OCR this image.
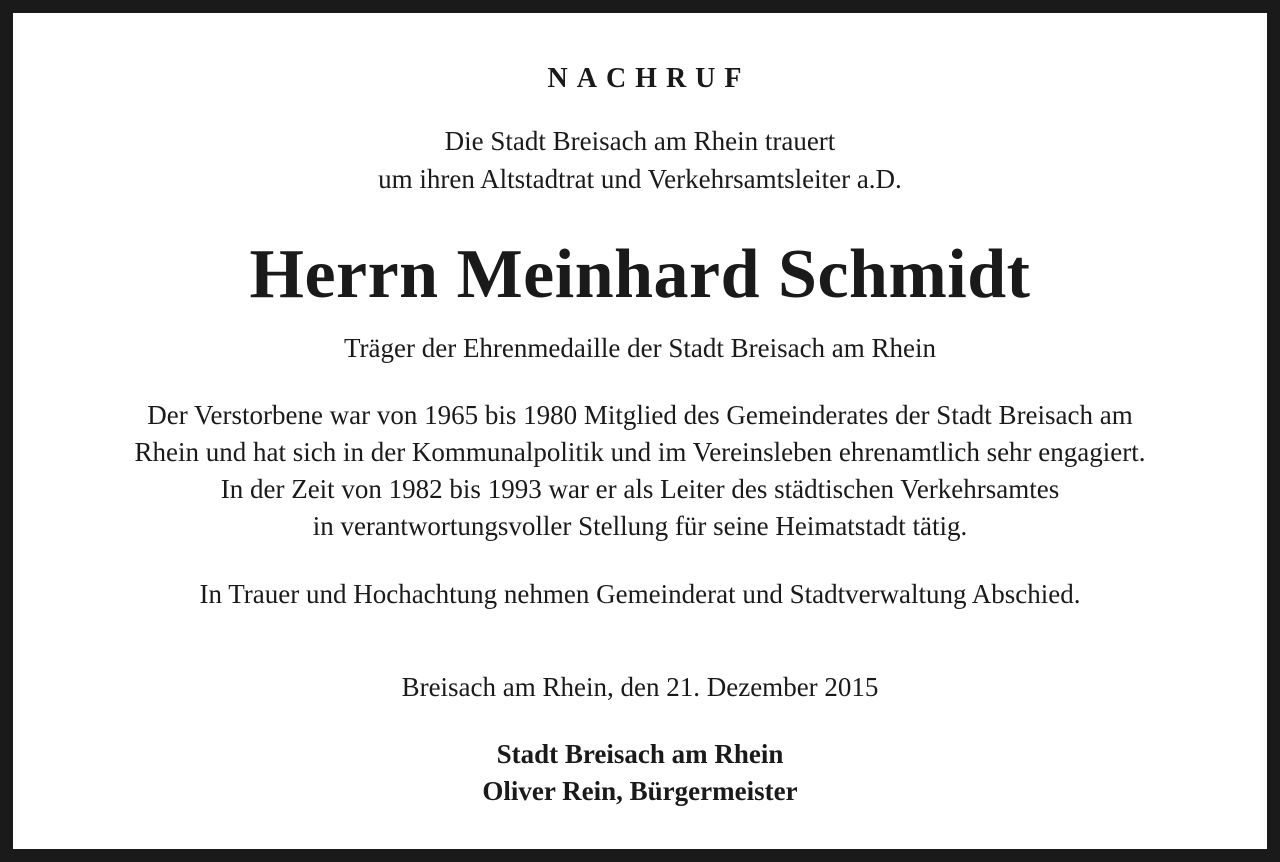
NACHRUF

Die Stadt Breisach am Rhein trauert

um ihren Altstadtrat und Verkehrsamtsleiter a.D.

Herrn Meinhard Schmidt

Träger der Ehrenmedaille der Stadt Breisach am Rhein

Der Verstorbene war von 1965 bis 1980 Mitglied des Gemeinderates der Stadt Breisach am

Rhein und hat sich in der Kommunalpolitik und im Vereinsleben ehrenamtlich sehr engagiert.

In der Zeit von 1982 bis 1993 war er als Leiter des städtischen Verkehrsamtes

in verantwortungsvoller Stellung für seine Heimatstadt tätig.

In Trauer und Hochachtung nehmen Gemeinderat und Stadtverwaltung Abschied.

Breisach am Rhein, den 21. Dezember 2015

Stadt Breisach am Rhein

Oliver Rein, Bürgermeister
